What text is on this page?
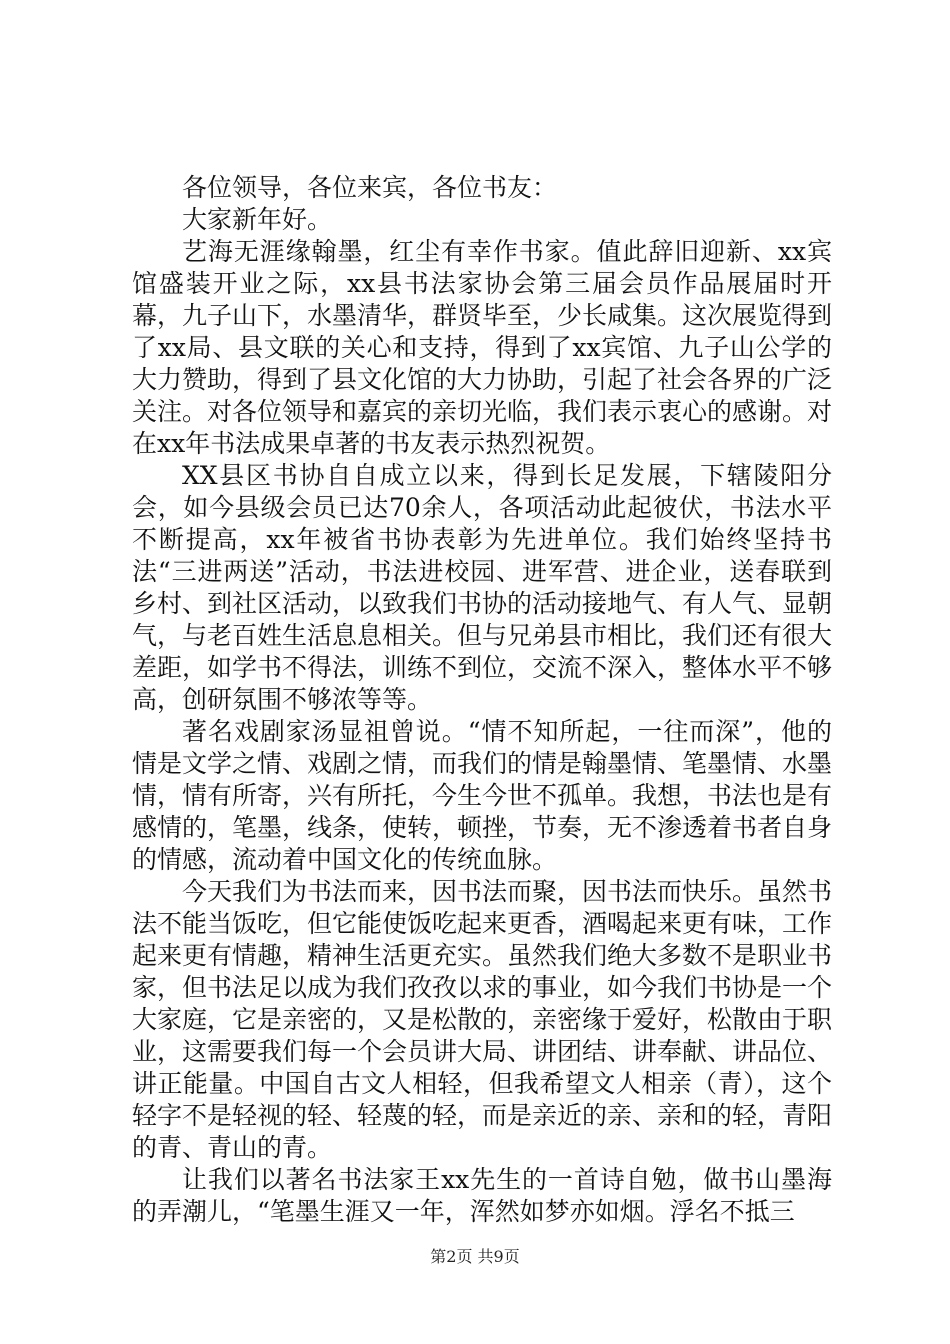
各位领导，各位来宾，各位书友：

大家新年好。

艺海无涯缘翰墨，红尘有幸作书家。值此辞旧迎新、xx宾馆盛装开业之际，xx县书法家协会第三届会员作品展届时开幕，九子山下，水墨清华，群贤毕至，少长咸集。这次展览得到了xx局、县文联的关心和支持，得到了xx宾馆、九子山公学的大力赞助，得到了县文化馆的大力协助，引起了社会各界的广泛关注。对各位领导和嘉宾的亲切光临，我们表示衷心的感谢。对在xx年书法成果卓著的书友表示热烈祝贺。

XX县区书协自自成立以来，得到长足发展，下辖陵阳分会，如今县级会员已达70余人，各项活动此起彼伏，书法水平不断提高，xx年被省书协表彰为先进单位。我们始终坚持书法“三进两送”活动，书法进校园、进军营、进企业，送春联到乡村、到社区活动，以致我们书协的活动接地气、有人气、显朝气，与老百姓生活息息相关。但与兄弟县市相比，我们还有很大差距，如学书不得法，训练不到位，交流不深入，整体水平不够高，创研氛围不够浓等等。

著名戏剧家汤显祖曾说。“情不知所起，一往而深”，他的情是文学之情、戏剧之情，而我们的情是翰墨情、笔墨情、水墨情，情有所寄，兴有所托，今生今世不孤单。我想，书法也是有感情的，笔墨，线条，使转，顿挫，节奏，无不渗透着书者自身的情感，流动着中国文化的传统血脉。

今天我们为书法而来，因书法而聚，因书法而快乐。虽然书法不能当饭吃，但它能使饭吃起来更香，酒喝起来更有味，工作起来更有情趣，精神生活更充实。虽然我们绝大多数不是职业书家，但书法足以成为我们孜孜以求的事业，如今我们书协是一个大家庭，它是亲密的，又是松散的，亲密缘于爱好，松散由于职业，这需要我们每一个会员讲大局、讲团结、讲奉献、讲品位、讲正能量。中国自古文人相轻，但我希望文人相亲（青），这个轻字不是轻视的轻、轻蔑的轻，而是亲近的亲、亲和的轻，青阳的青、青山的青。

让我们以著名书法家王xx先生的一首诗自勉，做书山墨海的弄潮儿，“笔墨生涯又一年，浑然如梦亦如烟。浮名不抵三

第2页 共9页
